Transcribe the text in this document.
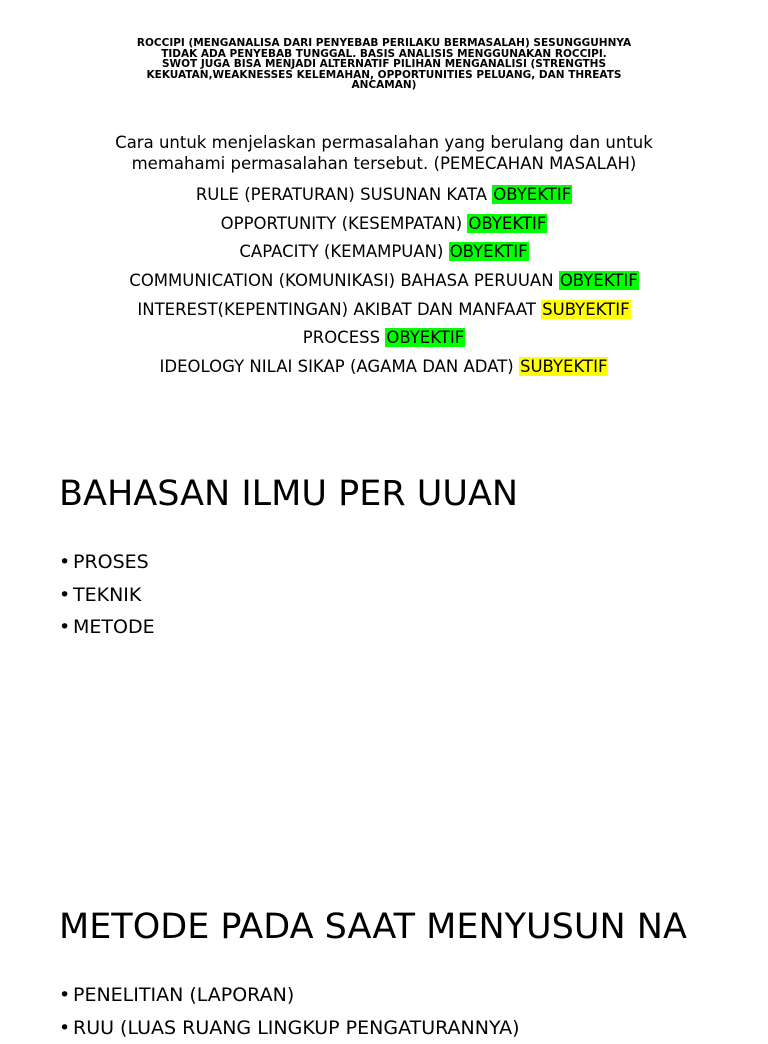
ROCCIPI (MENGANALISA DARI PENYEBAB PERILAKU BERMASALAH) SESUNGGUHNYA
TIDAK ADA PENYEBAB TUNGGAL. BASIS ANALISIS MENGGUNAKAN ROCCIPI.
SWOT JUGA BISA MENJADI ALTERNATIF PILIHAN MENGANALISI (STRENGTHS
KEKUATAN,WEAKNESSES KELEMAHAN, OPPORTUNITIES PELUANG, DAN THREATS
ANCAMAN)
Cara untuk menjelaskan permasalahan yang berulang dan untuk
memahami permasalahan tersebut. (PEMECAHAN MASALAH)
RULE (PERATURAN) SUSUNAN KATA OBYEKTIF
OPPORTUNITY (KESEMPATAN) OBYEKTIF
CAPACITY (KEMAMPUAN) OBYEKTIF
COMMUNICATION (KOMUNIKASI) BAHASA PERUUAN OBYEKTIF
INTEREST(KEPENTINGAN) AKIBAT DAN MANFAAT SUBYEKTIF
PROCESS OBYEKTIF
IDEOLOGY NILAI SIKAP (AGAMA DAN ADAT) SUBYEKTIF
BAHASAN ILMU PER UUAN
• PROSES
• TEKNIK
• METODE
METODE PADA SAAT MENYUSUN NA
• PENELITIAN (LAPORAN)
• RUU (LUAS RUANG LINGKUP PENGATURANNYA)
